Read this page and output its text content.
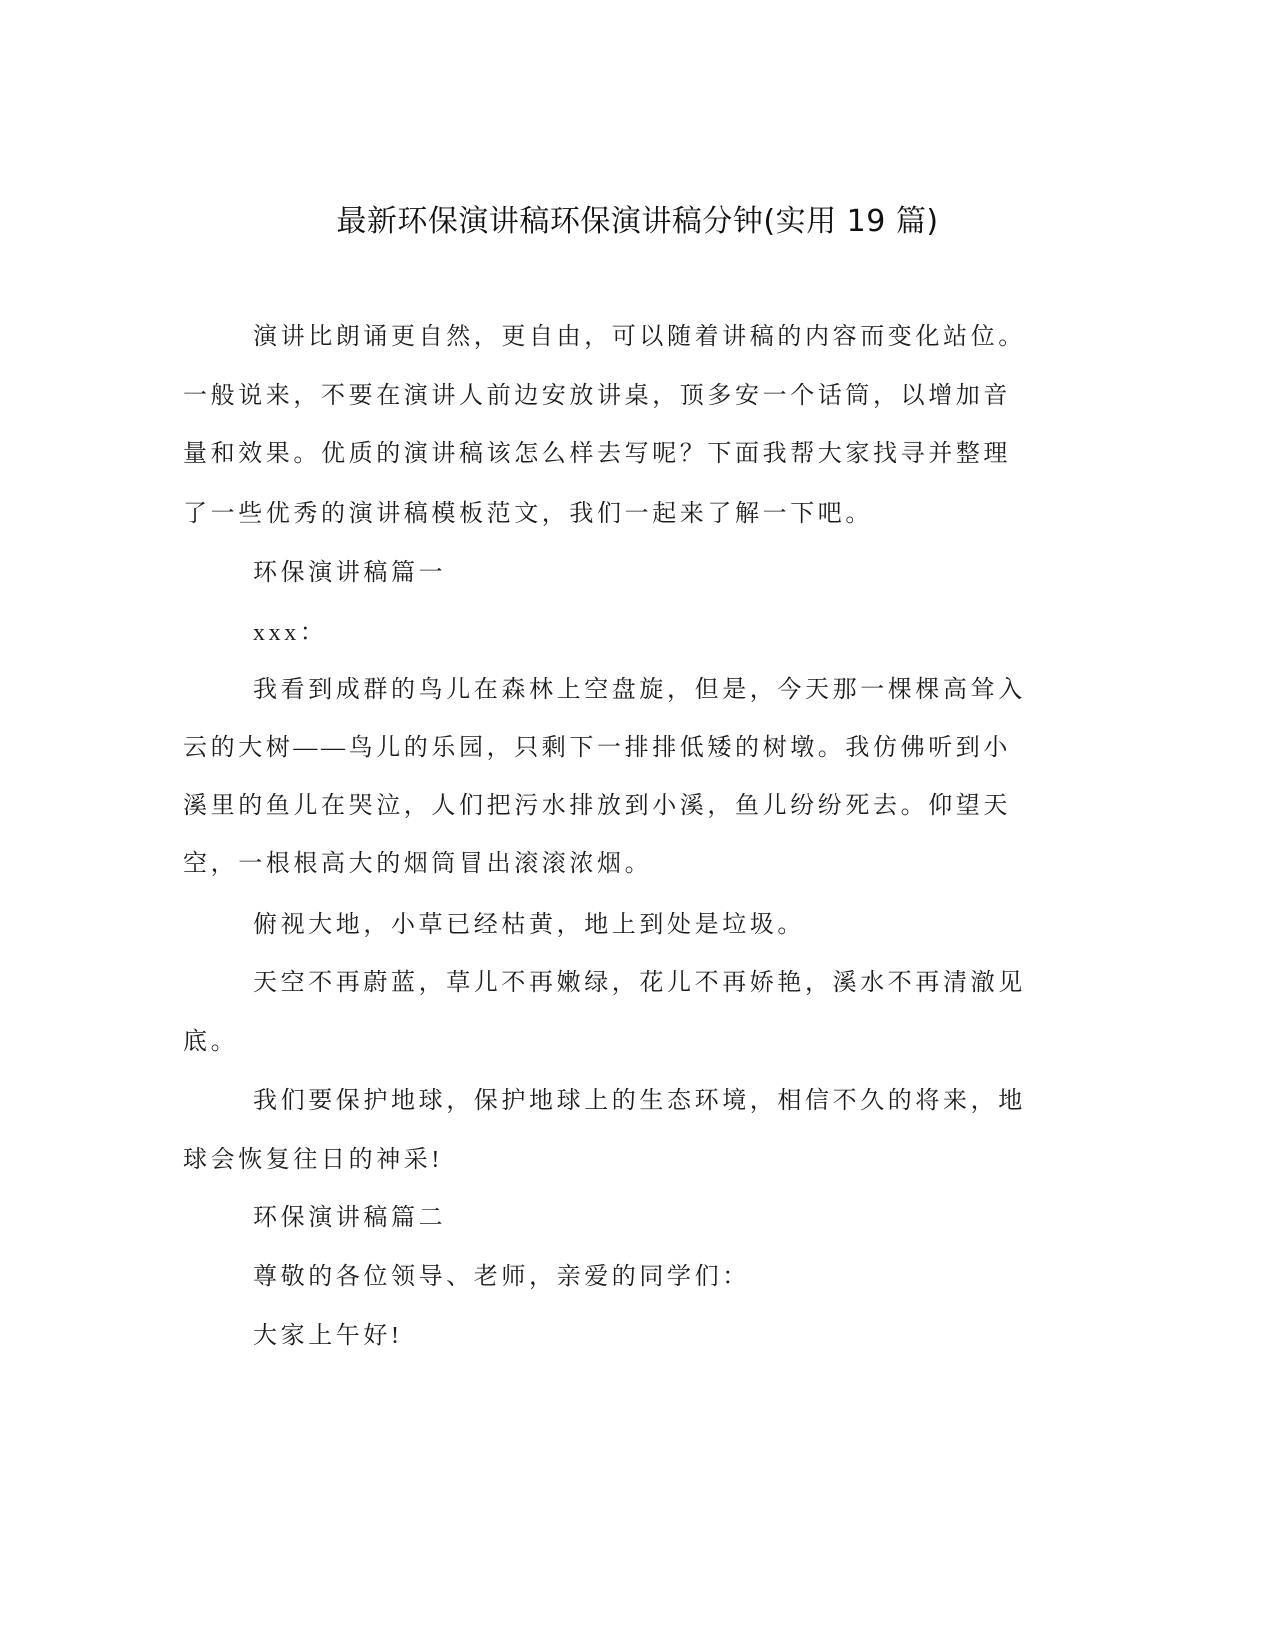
最新环保演讲稿环保演讲稿分钟(实用 19 篇)
演讲比朗诵更自然，更自由，可以随着讲稿的内容而变化站位。
一般说来，不要在演讲人前边安放讲桌，顶多安一个话筒，以增加音
量和效果。优质的演讲稿该怎么样去写呢？下面我帮大家找寻并整理
了一些优秀的演讲稿模板范文，我们一起来了解一下吧。
环保演讲稿篇一
xxx：
我看到成群的鸟儿在森林上空盘旋，但是，今天那一棵棵高耸入
云的大树——鸟儿的乐园，只剩下一排排低矮的树墩。我仿佛听到小
溪里的鱼儿在哭泣，人们把污水排放到小溪，鱼儿纷纷死去。仰望天
空，一根根高大的烟筒冒出滚滚浓烟。
俯视大地，小草已经枯黄，地上到处是垃圾。
天空不再蔚蓝，草儿不再嫩绿，花儿不再娇艳，溪水不再清澈见
底。
我们要保护地球，保护地球上的生态环境，相信不久的将来，地
球会恢复往日的神采!
环保演讲稿篇二
尊敬的各位领导、老师，亲爱的同学们：
大家上午好!
